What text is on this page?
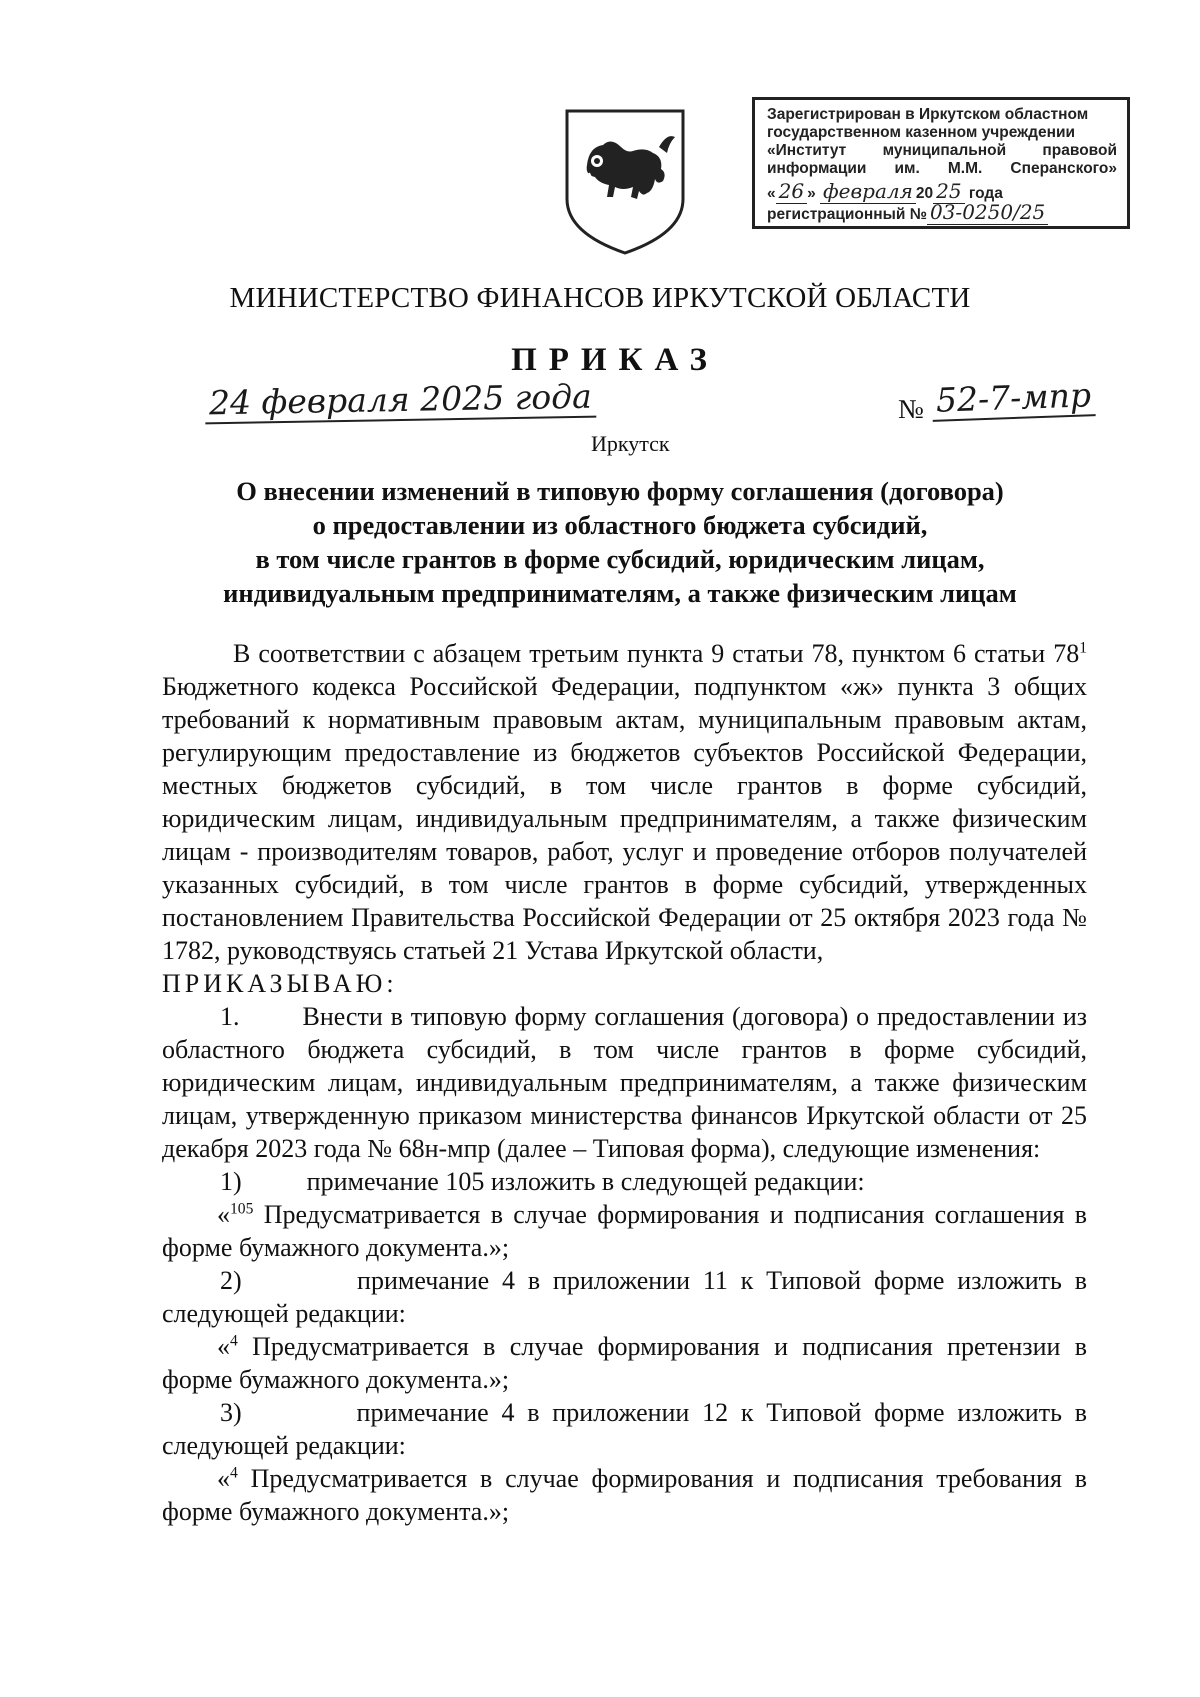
Зарегистрирован в Иркутском областном
государственном казенном учреждении
«Институт муниципальной правовой
информации им. М.М. Сперанского»
« 26 » февраля 20 25 года
регистрационный № 03-0250/25
МИНИСТЕРСТВО ФИНАНСОВ ИРКУТСКОЙ ОБЛАСТИ
ПРИКАЗ
24 февраля 2025 года	№ 52-7-мпр
Иркутск
О внесении изменений в типовую форму соглашения (договора)
о предоставлении из областного бюджета субсидий,
в том числе грантов в форме субсидий, юридическим лицам,
индивидуальным предпринимателям, а также физическим лицам

В соответствии с абзацем третьим пункта 9 статьи 78, пунктом 6 статьи $78^1$ Бюджетного кодекса Российской Федерации, подпунктом «ж» пункта 3 общих требований к нормативным правовым актам, муниципальным правовым актам, регулирующим предоставление из бюджетов субъектов Российской Федерации, местных бюджетов субсидий, в том числе грантов в форме субсидий, юридическим лицам, индивидуальным предпринимателям, а также физическим лицам - производителям товаров, работ, услуг и проведение отборов получателей указанных субсидий, в том числе грантов в форме субсидий, утвержденных постановлением Правительства Российской Федерации от 25 октября 2023 года № 1782, руководствуясь статьей 21 Устава Иркутской области,

ПРИКАЗЫВАЮ:

1.        Внести в типовую форму соглашения (договора) о предоставлении из областного бюджета субсидий, в том числе грантов в форме субсидий, юридическим лицам, индивидуальным предпринимателям, а также физическим лицам, утвержденную приказом министерства финансов Иркутской области от 25 декабря 2023 года № 68н-мпр (далее – Типовая форма), следующие изменения:

1)          примечание 105 изложить в следующей редакции:

«$^{105}$ Предусматривается в случае формирования и подписания соглашения в форме бумажного документа.»;

2)         примечание 4 в приложении 11 к Типовой форме изложить в следующей редакции:

«$^4$ Предусматривается в случае формирования и подписания претензии в форме бумажного документа.»;

3)         примечание 4 в приложении 12 к Типовой форме изложить в следующей редакции:

«$^4$ Предусматривается в случае формирования и подписания требования в форме бумажного документа.»;
